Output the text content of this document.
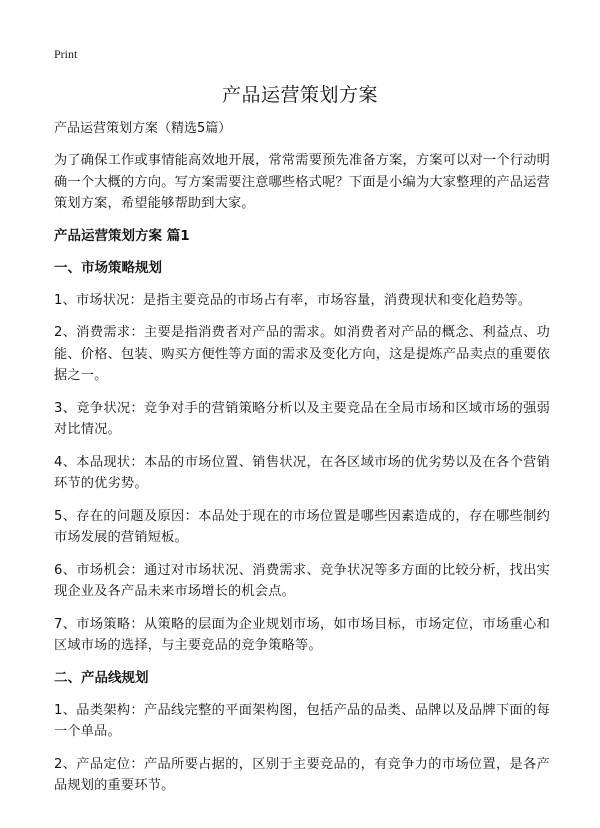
Print
产品运营策划方案

产品运营策划方案（精选5篇）

为了确保工作或事情能高效地开展，常常需要预先准备方案，方案可以对一个行动明确一个大概的方向。写方案需要注意哪些格式呢？下面是小编为大家整理的产品运营策划方案，希望能够帮助到大家。

产品运营策划方案 篇1

一、市场策略规划

1、市场状况：是指主要竞品的市场占有率，市场容量，消费现状和变化趋势等。

2、消费需求：主要是指消费者对产品的需求。如消费者对产品的概念、利益点、功能、价格、包装、购买方便性等方面的需求及变化方向，这是提炼产品卖点的重要依据之一。

3、竞争状况：竞争对手的营销策略分析以及主要竞品在全局市场和区域市场的强弱对比情况。

4、本品现状：本品的市场位置、销售状况，在各区域市场的优劣势以及在各个营销环节的优劣势。

5、存在的问题及原因：本品处于现在的市场位置是哪些因素造成的，存在哪些制约市场发展的营销短板。

6、市场机会：通过对市场状况、消费需求、竞争状况等多方面的比较分析，找出实现企业及各产品未来市场增长的机会点。

7、市场策略：从策略的层面为企业规划市场，如市场目标，市场定位，市场重心和区域市场的选择，与主要竞品的竞争策略等。

二、产品线规划

1、品类架构：产品线完整的平面架构图，包括产品的品类、品牌以及品牌下面的每一个单品。

2、产品定位：产品所要占据的，区别于主要竞品的，有竞争力的市场位置，是各产品规划的重要环节。
